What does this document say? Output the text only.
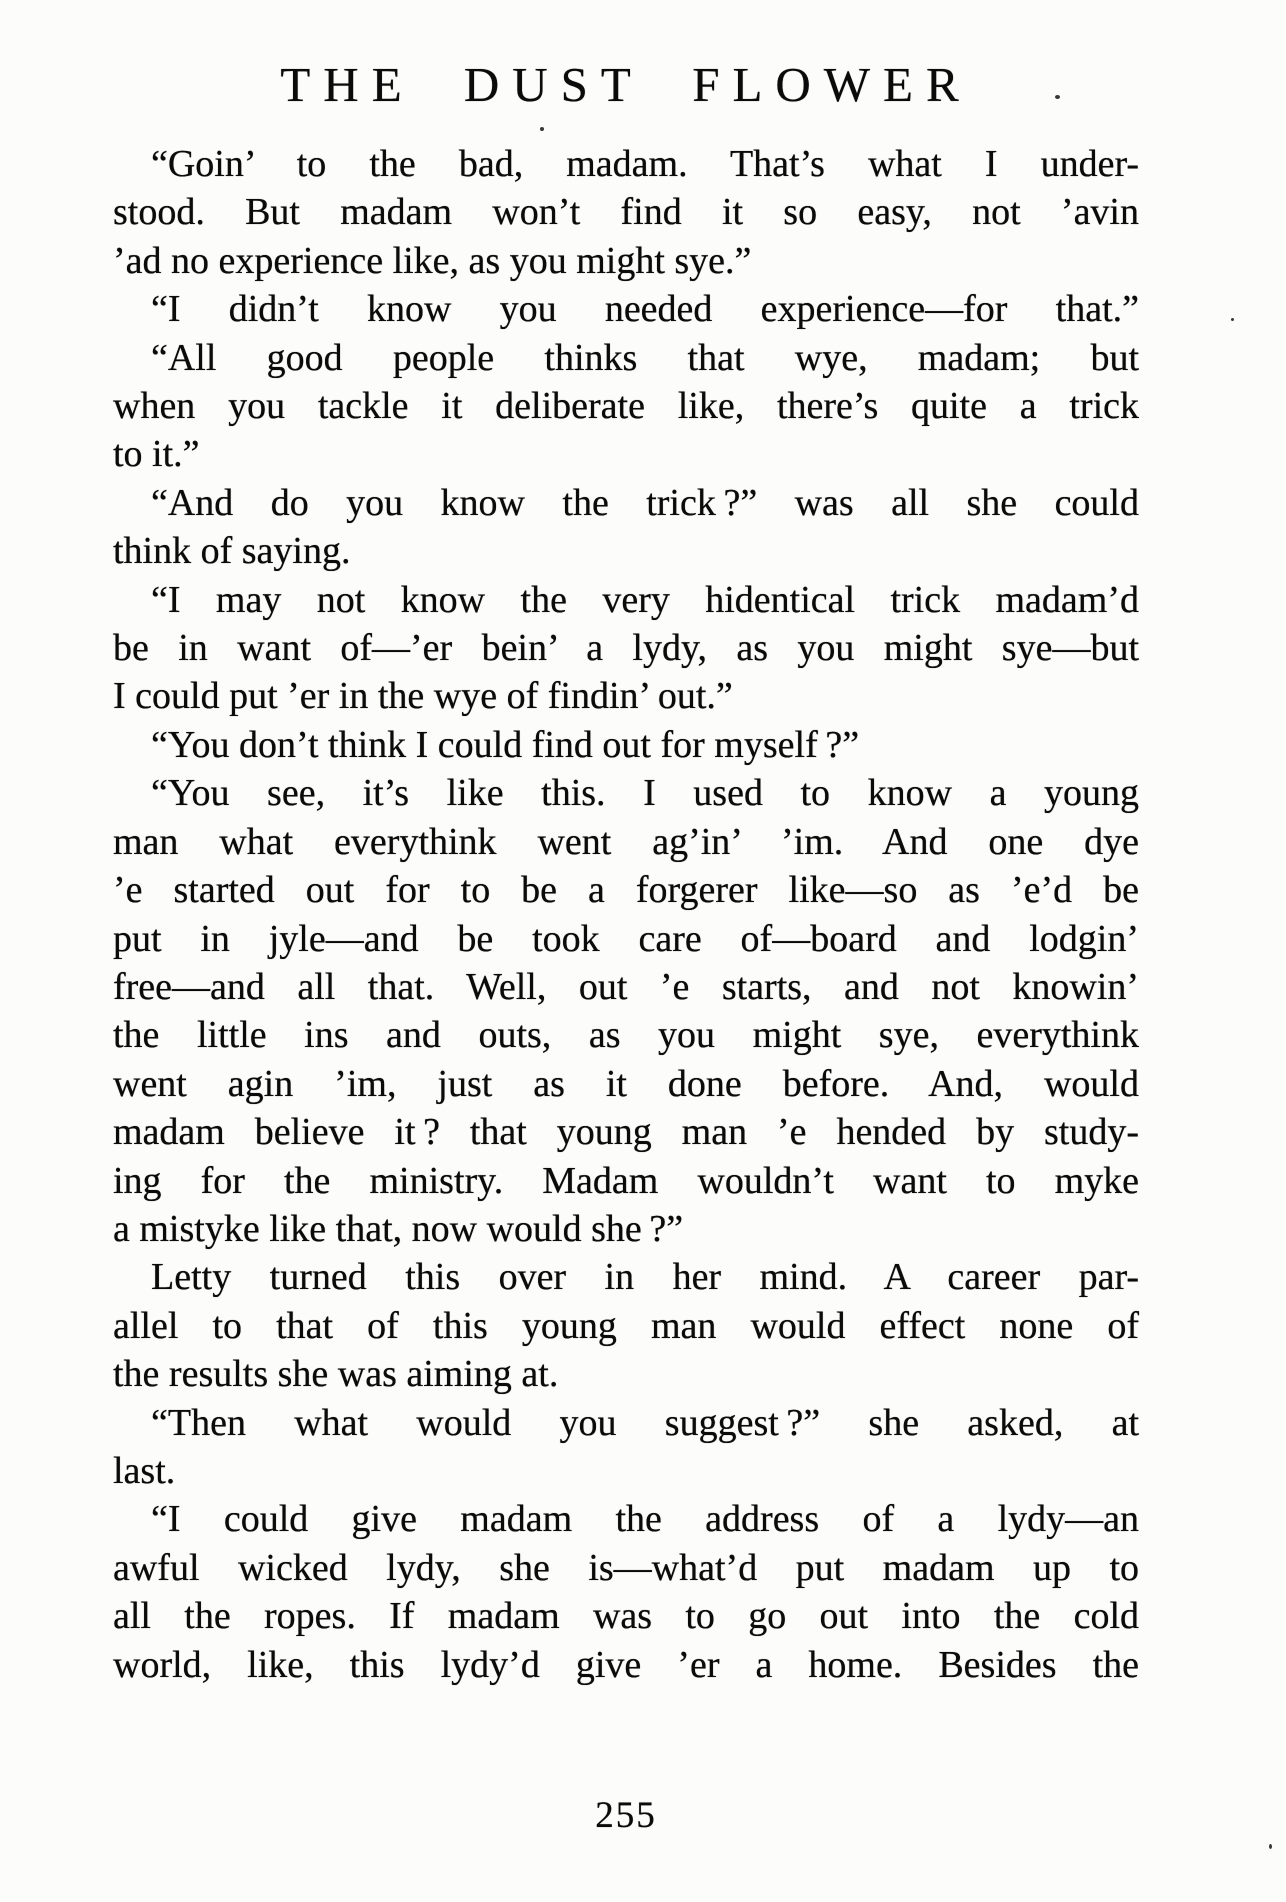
THE DUST FLOWER
“Goin’ to the bad, madam. That’s what I under-
stood. But madam won’t find it so easy, not ’avin
’ad no experience like, as you might sye.”
“I didn’t know you needed experience—for that.”
“All good people thinks that wye, madam; but
when you tackle it deliberate like, there’s quite a trick
to it.”
“And do you know the trick ?” was all she could
think of saying.
“I may not know the very hidentical trick madam’d
be in want of—’er bein’ a lydy, as you might sye—but
I could put ’er in the wye of findin’ out.”
“You don’t think I could find out for myself ?”
“You see, it’s like this. I used to know a young
man what everythink went ag’in’ ’im. And one dye
’e started out for to be a forgerer like—so as ’e’d be
put in jyle—and be took care of—board and lodgin’
free—and all that. Well, out ’e starts, and not knowin’
the little ins and outs, as you might sye, everythink
went agin ’im, just as it done before. And, would
madam believe it ? that young man ’e hended by study-
ing for the ministry. Madam wouldn’t want to myke
a mistyke like that, now would she ?”
Letty turned this over in her mind. A career par-
allel to that of this young man would effect none of
the results she was aiming at.
“Then what would you suggest ?” she asked, at
last.
“I could give madam the address of a lydy—an
awful wicked lydy, she is—what’d put madam up to
all the ropes. If madam was to go out into the cold
world, like, this lydy’d give ’er a home. Besides the
255
